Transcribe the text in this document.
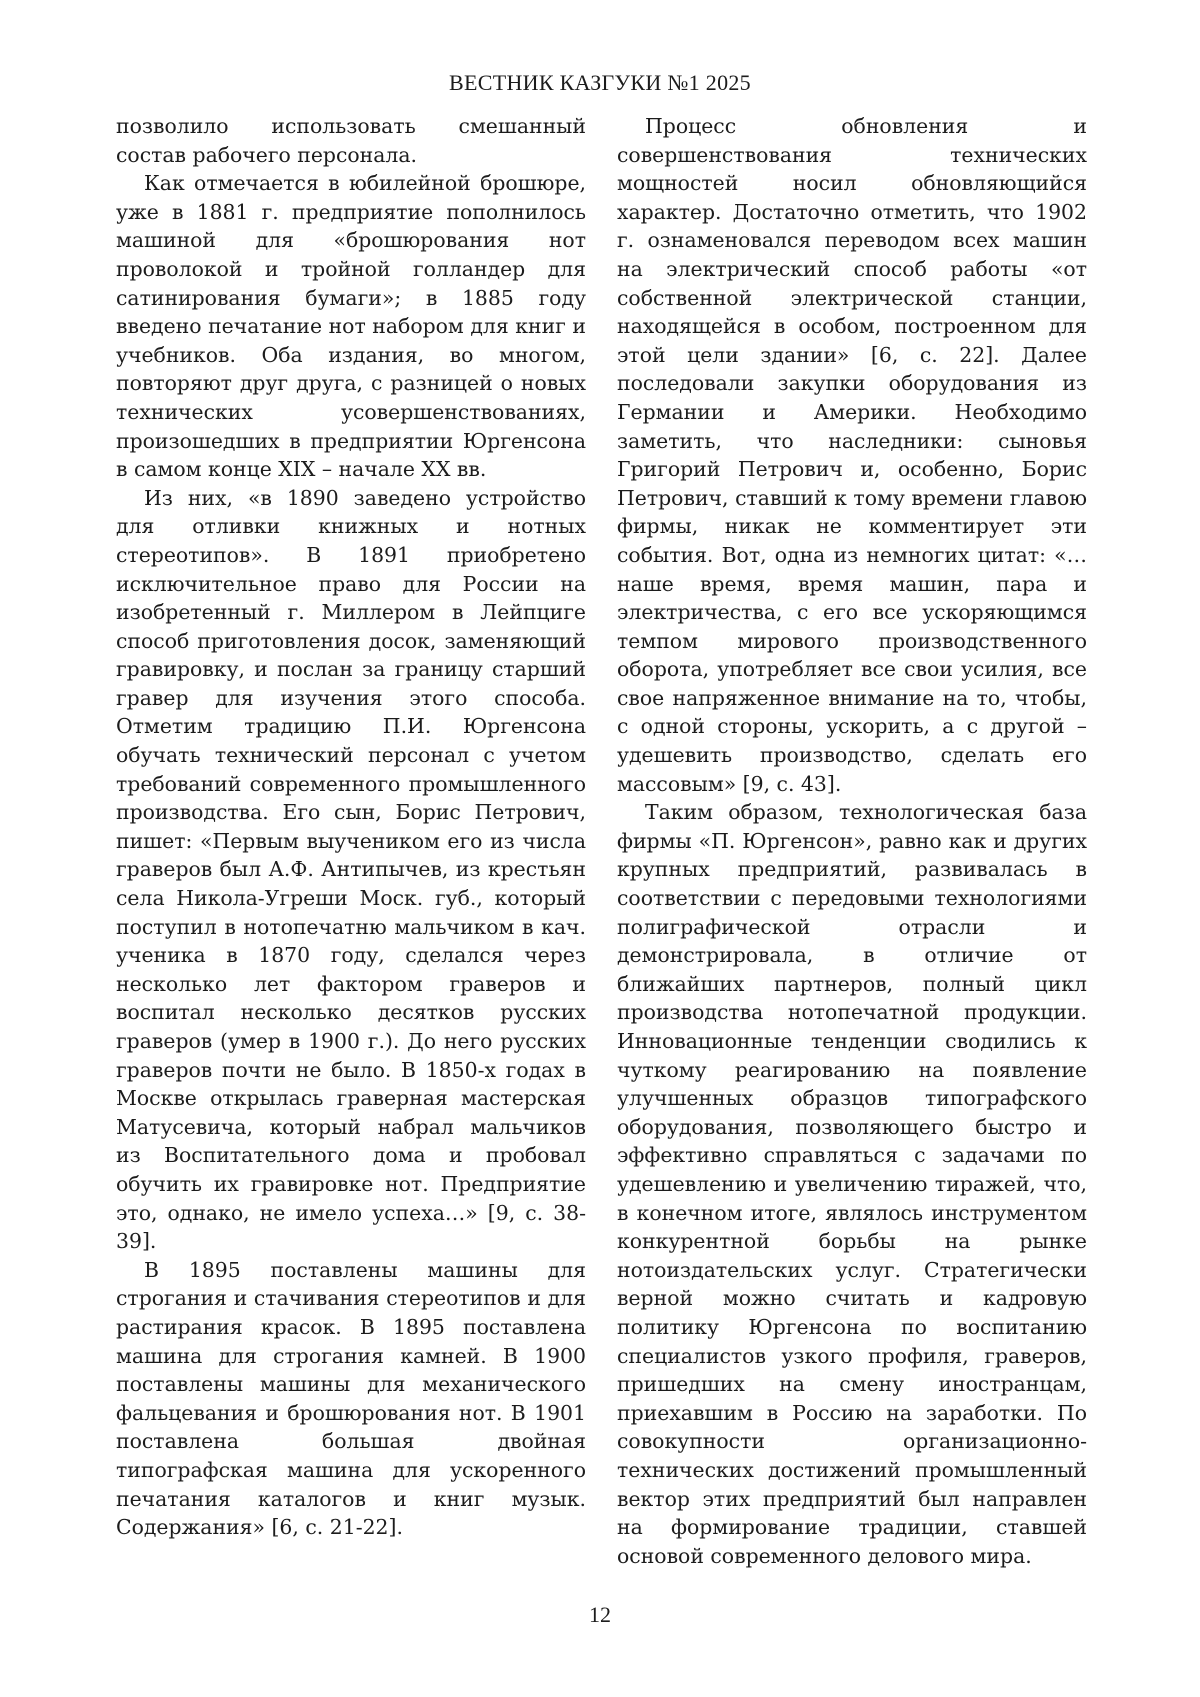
ВЕСТНИК КАЗГУКИ №1 2025

позволило использовать смешанный состав рабочего персонала.

Как отмечается в юбилейной брошюре, уже в 1881 г. предприятие пополнилось машиной для «брошюрования нот проволокой и тройной голландер для сатинирования бумаги»; в 1885 году введено печатание нот набором для книг и учебников. Оба издания, во многом, повторяют друг друга, с разницей о новых технических усовершенствованиях, произошедших в предприятии Юргенсона в самом конце XIX – начале XX вв.

Из них, «в 1890 заведено устройство для отливки книжных и нотных стереотипов». В 1891 приобретено исключительное право для России на изобретенный г. Миллером в Лейпциге способ приготовления досок, заменяющий гравировку, и послан за границу старший гравер для изучения этого способа. Отметим традицию П.И. Юргенсона обучать технический персонал с учетом требований современного промышленного производства. Его сын, Борис Петрович, пишет: «Первым выучеником его из числа граверов был А.Ф. Антипычев, из крестьян села Никола-Угреши Моск. губ., который поступил в нотопечатню мальчиком в кач. ученика в 1870 году, сделался через несколько лет фактором граверов и воспитал несколько десятков русских граверов (умер в 1900 г.). До него русских граверов почти не было. В 1850-х годах в Москве открылась граверная мастерская Матусевича, который набрал мальчиков из Воспитательного дома и пробовал обучить их гравировке нот. Предприятие это, однако, не имело успеха…» [9, с. 38-39].

В 1895 поставлены машины для строгания и стачивания стереотипов и для растирания красок. В 1895 поставлена машина для строгания камней. В 1900 поставлены машины для механического фальцевания и брошюрования нот. В 1901 поставлена большая двойная типографская машина для ускоренного печатания каталогов и книг музык. Содержания» [6, с. 21-22].

Процесс обновления и совершенствования технических мощностей носил обновляющийся характер. Достаточно отметить, что 1902 г. ознаменовался переводом всех машин на электрический способ работы «от собственной электрической станции, находящейся в особом, построенном для этой цели здании» [6, с. 22]. Далее последовали закупки оборудования из Германии и Америки. Необходимо заметить, что наследники: сыновья Григорий Петрович и, особенно, Борис Петрович, ставший к тому времени главою фирмы, никак не комментирует эти события. Вот, одна из немногих цитат: «…наше время, время машин, пара и электричества, с его все ускоряющимся темпом мирового производственного оборота, употребляет все свои усилия, все свое напряженное внимание на то, чтобы, с одной стороны, ускорить, а с другой – удешевить производство, сделать его массовым» [9, с. 43].

Таким образом, технологическая база фирмы «П. Юргенсон», равно как и других крупных предприятий, развивалась в соответствии с передовыми технологиями полиграфической отрасли и демонстрировала, в отличие от ближайших партнеров, полный цикл производства нотопечатной продукции. Инновационные тенденции сводились к чуткому реагированию на появление улучшенных образцов типографского оборудования, позволяющего быстро и эффективно справляться с задачами по удешевлению и увеличению тиражей, что, в конечном итоге, являлось инструментом конкурентной борьбы на рынке нотоиздательских услуг. Стратегически верной можно считать и кадровую политику Юргенсона по воспитанию специалистов узкого профиля, граверов, пришедших на смену иностранцам, приехавшим в Россию на заработки. По совокупности организационно-технических достижений промышленный вектор этих предприятий был направлен на формирование традиции, ставшей основой современного делового мира.

12
